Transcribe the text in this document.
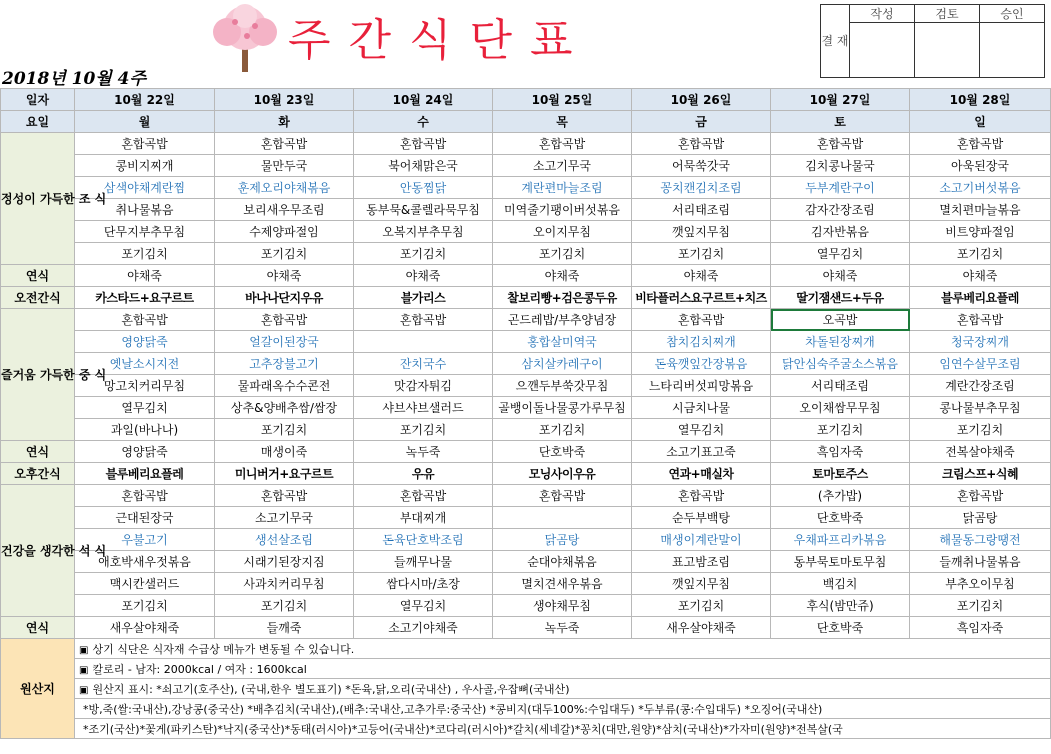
주간식단표
2018년 10월 4주
결 재	작성	검토	승인

일자	10월 22일	10월 23일	10월 24일	10월 25일	10월 26일	10월 27일	10월 28일
요일	월	화	수	목	금	토	일
정성이 가득한 조 식	혼합곡밥	혼합곡밥	혼합곡밥	혼합곡밥	혼합곡밥	혼합곡밥	혼합곡밥
	콩비지찌개	물만두국	북어채맑은국	소고기무국	어묵쑥갓국	김치콩나물국	아욱된장국
	삼색야채계란찜	훈제오리야채볶음	안동찜닭	계란편마늘조림	꽁치캔김치조림	두부계란구이	소고기버섯볶음
	취나물볶음	보리새우무조림	동부묵&콜렐라묵무침	미역줄기팽이버섯볶음	서리태조림	감자간장조림	멸치편마늘볶음
	단무지부추무침	수제양파절임	오복지부추무침	오이지무침	깻잎지무침	김자반볶음	비트양파절임
	포기김치	포기김치	포기김치	포기김치	포기김치	열무김치	포기김치
연식	야채죽	야채죽	야채죽	야채죽	야채죽	야채죽	야채죽
오전간식	카스타드+요구르트	바나나단지우유	블가리스	찰보리빵+검은콩두유	비타플러스요구르트+치즈	딸기잼샌드+두유	블루베리요플레
즐거움 가득한 중 식	혼합곡밥	혼합곡밥	혼합곡밥	곤드레밥/부추양념장	혼합곡밥	오곡밥	혼합곡밥
	영양닭죽	얼갈이된장국		홍합살미역국	참치김치찌개	차돌된장찌개	청국장찌개
	옛날소시지전	고추장불고기	잔치국수	삼치살카레구이	돈육깻잎간장볶음	닭안심숙주굴소스볶음	임연수살무조림
	망고치커리무침	물파래옥수수콘전	맛감자튀김	으깬두부쑥갓무침	느타리버섯피망볶음	서리태조림	계란간장조림
	열무김치	상추&양배추쌈/쌈장	샤브샤브샐러드	골뱅이돌나물콩가루무침	시금치나물	오이채쌈무무침	콩나물부추무침
	과일(바나나)	포기김치	포기김치	포기김치	열무김치	포기김치	포기김치
연식	영양닭죽	매생이죽	녹두죽	단호박죽	소고기표고죽	흑임자죽	전복살야채죽
오후간식	블루베리요플레	미니버거+요구르트	우유	모닝사이우유	연과+매실차	토마토주스	크림스프+식혜
건강을 생각한 석 식	혼합곡밥	혼합곡밥	혼합곡밥	혼합곡밥	혼합곡밥	(추가밥)	혼합곡밥
	근대된장국	소고기무국	부대찌개		순두부백탕	단호박죽	닭곰탕
	우불고기	생선살조림	돈육단호박조림	닭곰탕	매생이계란말이	우채파프리카볶음	해물동그랑땡전
	애호박새우젓볶음	시래기된장지짐	들깨무나물	순대야채볶음	표고밤조림	동부묵토마토무침	들깨취나물볶음
	맥시칸샐러드	사과치커리무침	쌈다시마/초장	멸치견새우볶음	깻잎지무침	백김치	부추오이무침
	포기김치	포기김치	열무김치	생야채무침	포기김치	후식(밤만쥬)	포기김치
연식	새우살야채죽	들깨죽	소고기야채죽	녹두죽	새우살야채죽	단호박죽	흑임자죽
원산지	▣ 상기 식단은 식자재 수급상 메뉴가 변동될 수 있습니다.						
	▣ 칼로리 - 남자: 2000kcal / 여자 : 1600kcal						
	▣ 원산지 표시: *쇠고기(호주산), (국내,한우 별도표기) *돈육,닭,오리(국내산) , 우사골,우잡뼈(국내산)						
	*방,죽(쌀:국내산),강낭콩(중국산) *배추김치(국내산),(배추:국내산,고추가루:중국산) *콩비지(대두100%:수입대두) *두부류(콩:수입대두) *오징어(국내산)						
	*조기(국산)*꽃게(파키스탄)*낙지(중국산)*동태(러시아)*고등어(국내산)*코다리(러시아)*갈치(세네갈)*꽁치(대만,원양)*삼치(국내산)*가자미(원양)*전복살(국						
